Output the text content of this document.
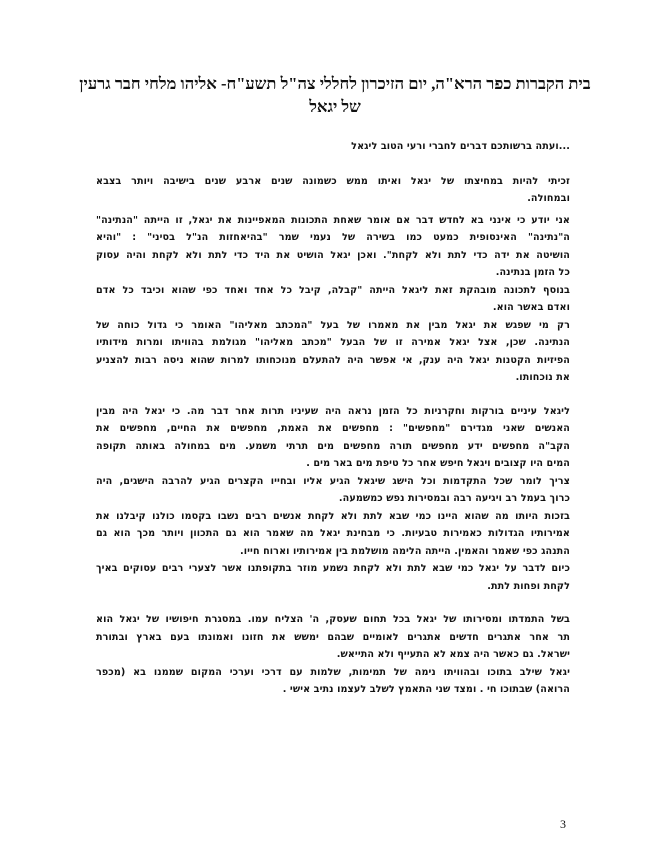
בית הקברות כפר הרא"ה, יום הזיכרון לחללי צה"ל תשע"ח- אליהו מלחי חבר גרעין
של יגאל
...ועתה ברשותכם דברים לחברי ורעי הטוב ליגאל
זכיתי להיות במחיצתו של יגאל ואיתו ממש כשמונה שנים ארבע שנים בישיבה ויותר בצבא
ובמחולה.
אני יודע כי אינני בא לחדש דבר אם אומר שאחת התכונות המאפיינות את יגאל, זו הייתה "הנתינה"
ה"נתינה" האינסופית כמעט כמו בשירה של נעמי שמר "בהיאחזות הנ"ל בסיני" : "והיא
הושיטה את ידה כדי לתת ולא לקחת". ואכן יגאל הושיט את היד כדי לתת ולא לקחת והיה עסוק
כל הזמן בנתינה.
בנוסף לתכונה מובהקת זאת ליגאל הייתה "קבלה, קיבל כל אחד ואחד כפי שהוא וכיבד כל אדם
ואדם באשר הוא.
רק מי שפגש את יגאל מבין את מאמרו של בעל "המכתב מאליהו" האומר כי גדול כוחה של
הנתינה. שכן, אצל יגאל אמירה זו של הבעל "מכתב מאליהו" מגולמת בהוויתו ומרות מידותיו
הפיזיות הקטנות יגאל היה ענק, אי אפשר היה להתעלם מנוכחותו למרות שהוא ניסה רבות להצניע
את נוכחותו.
ליגאל עיניים בורקות וחקרניות כל הזמן נראה היה שעיניו תרות אחר דבר מה. כי יגאל היה מבין
האנשים שאני מגדירם "מחפשים" : מחפשים את האמת, מחפשים את החיים, מחפשים את
הקב"ה מחפשים ידע מחפשים תורה מחפשים מים תרתי משמע. מים במחולה באותה תקופה
המים היו קצובים ויגאל חיפש אחר כל טיפת מים באר מים .
צריך לומר שכל התקדמות וכל הישג שיגאל הגיע אליו ובחייו הקצרים הגיע להרבה הישגים, היה
כרוך בעמל רב ויגיעה רבה ובמסירות נפש כמשמעה.
בזכות היותו מה שהוא היינו כמי שבא לתת ולא לקחת אנשים רבים נשבו בקסמו כולנו קיבלנו את
אמירותיו הגדולות כאמירות טבעיות. כי מבחינת יגאל מה שאמר הוא גם התכוון ויותר מכך הוא גם
התנהג כפי שאמר והאמין. הייתה הלימה מושלמת בין אמירותיו וארוח חייו.
כיום לדבר על יגאל כמי שבא לתת ולא לקחת נשמע מוזר בתקופתנו אשר לצערי רבים עסוקים באיך
לקחת ופחות לתת.
בשל התמדתו ומסירותו של יגאל בכל תחום שעסק, ה' הצליח עמו. במסגרת חיפושיו של יגאל הוא
תר אחר אתגרים חדשים אתגרים לאומיים שבהם ימשש את חזונו ואמונתו בעם בארץ ובתורת
ישראל. גם כאשר היה צמא לא התעייף ולא התייאש.
יגאל שילב בתוכו ובהוויתו נימה של תמימות, שלמות עם דרכי וערכי המקום שממנו בא (מכפר
הרואה) שבתוכו חי . ומצד שני התאמץ לשלב לעצמו נתיב אישי .
3
